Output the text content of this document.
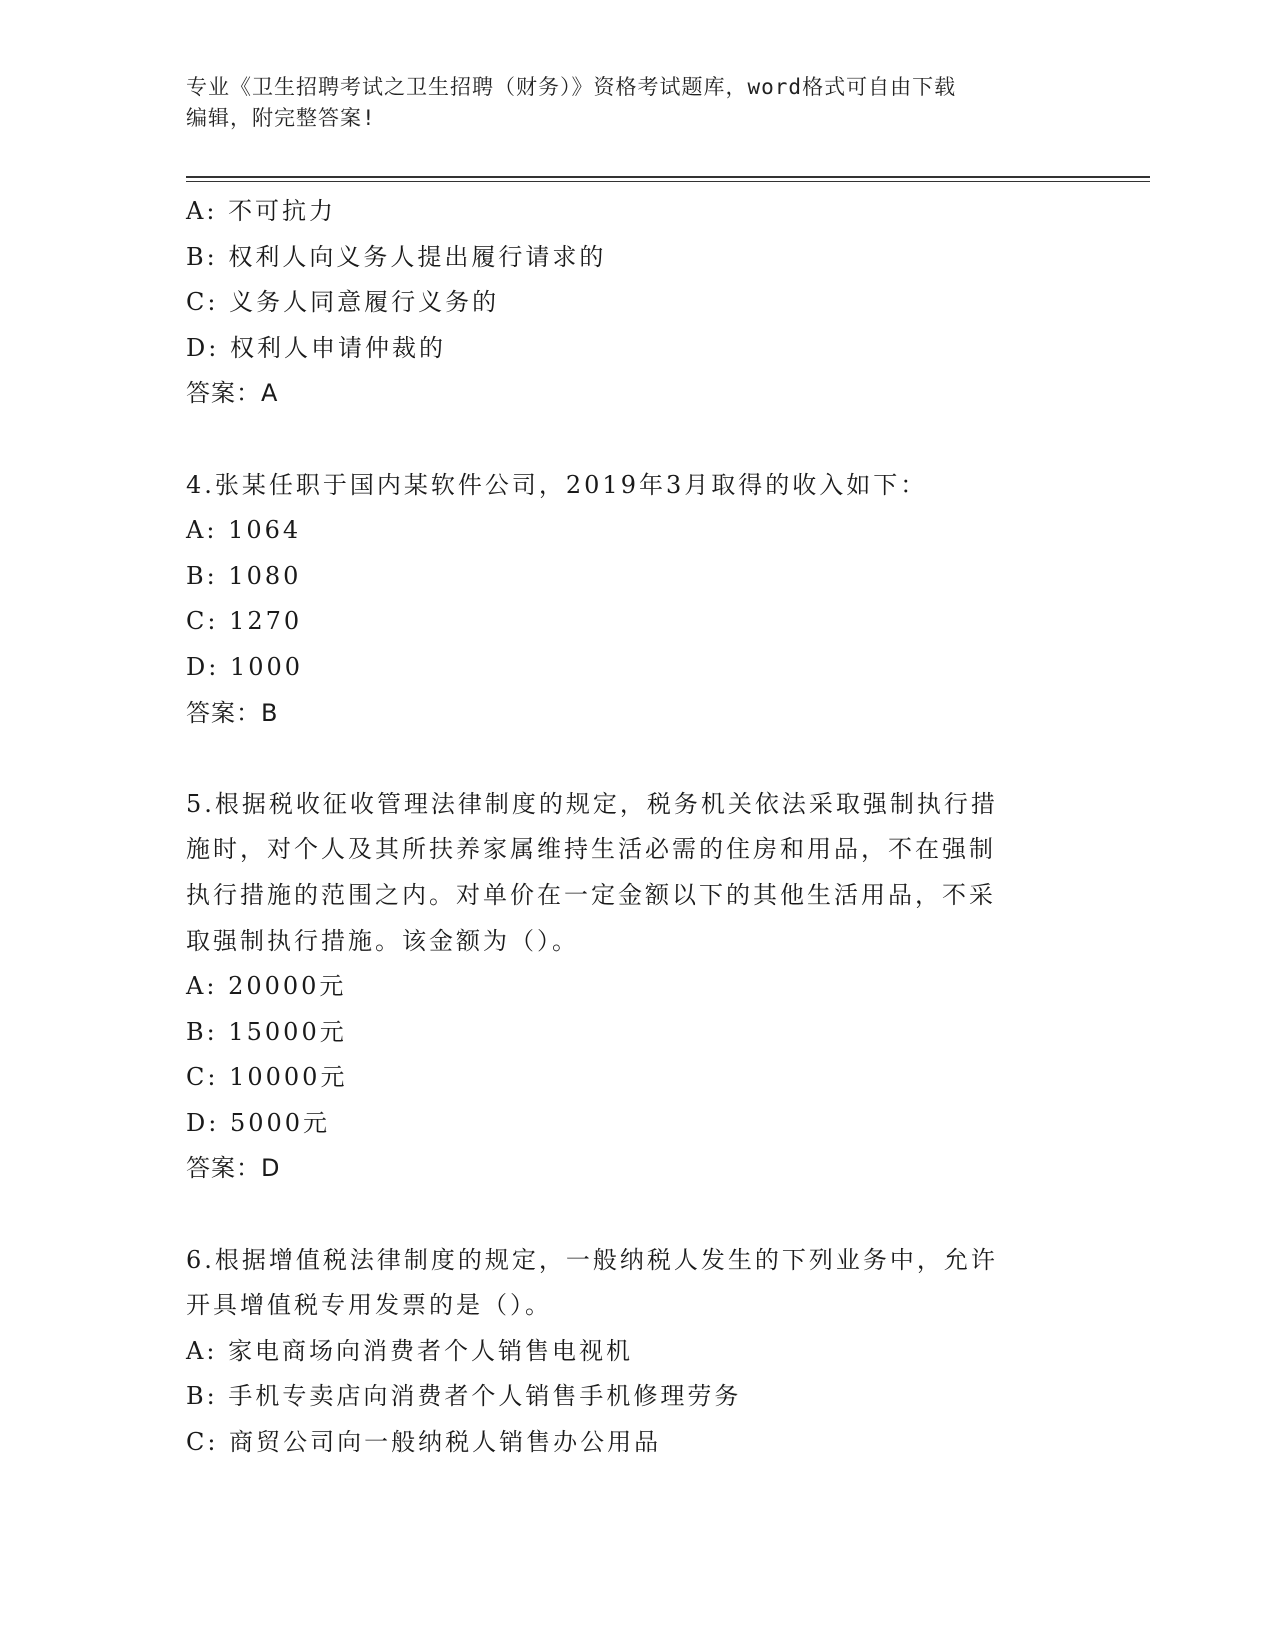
专业《卫生招聘考试之卫生招聘（财务）》资格考试题库，word格式可自由下载
编辑，附完整答案!
A: 不可抗力
B: 权利人向义务人提出履行请求的
C: 义务人同意履行义务的
D: 权利人申请仲裁的
答案：A
4.张某任职于国内某软件公司，2019年3月取得的收入如下：
A: 1064
B: 1080
C: 1270
D: 1000
答案：B
5.根据税收征收管理法律制度的规定，税务机关依法采取强制执行措
施时，对个人及其所扶养家属维持生活必需的住房和用品，不在强制
执行措施的范围之内。对单价在一定金额以下的其他生活用品，不采
取强制执行措施。该金额为（）。
A: 20000元
B: 15000元
C: 10000元
D: 5000元
答案：D
6.根据增值税法律制度的规定，一般纳税人发生的下列业务中，允许
开具增值税专用发票的是（）。
A: 家电商场向消费者个人销售电视机
B: 手机专卖店向消费者个人销售手机修理劳务
C: 商贸公司向一般纳税人销售办公用品
